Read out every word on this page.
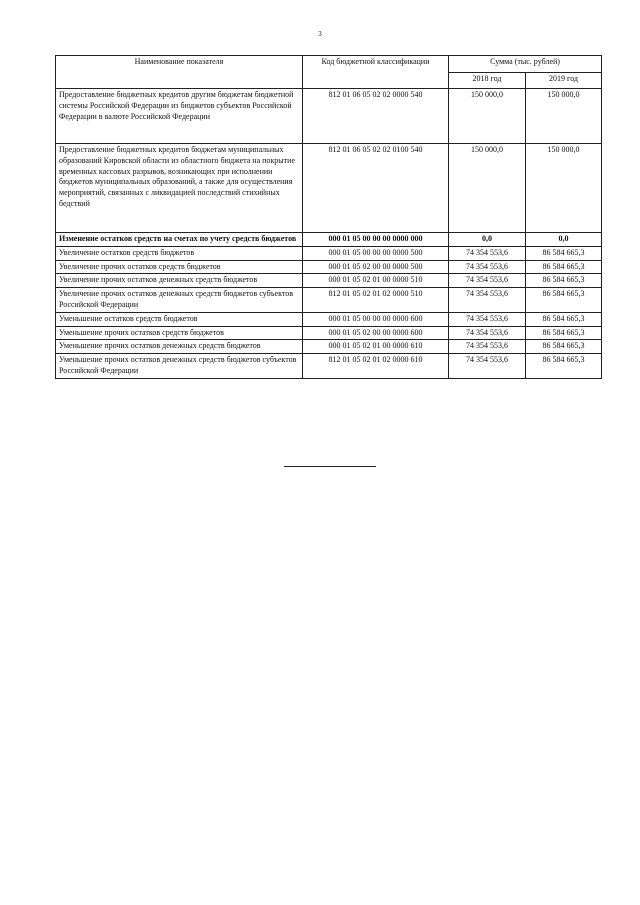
3
Наименование показателя	Код бюджетной классификации	Сумма (тыс. рублей)	
		2018 год	2019 год
Предоставление бюджетных кредитов другим бюджетам бюджетной системы Российской Федерации из бюджетов субъектов Российской Федерации в валюте Российской Федерации	812 01 06 05 02 02 0000 540	150 000,0	150 000,0
Предоставление бюджетных кредитов бюджетам муниципальных образований Кировской области из областного бюджета на покрытие временных кассовых разрывов, возникающих при исполнении бюджетов муниципальных образований, а также для осуществления мероприятий, связанных с ликвидацией последствий стихийных бедствий	812 01 06 05 02 02 0100 540	150 000,0	150 000,0
Изменение остатков средств на счетах по учету средств бюджетов	000 01 05 00 00 00 0000 000	0,0	0,0
Увеличение остатков средств бюджетов	000 01 05 00 00 00 0000 500	74 354 553,6	86 584 665,3
Увеличение прочих остатков средств бюджетов	000 01 05 02 00 00 0000 500	74 354 553,6	86 584 665,3
Увеличение прочих остатков денежных средств бюджетов	000 01 05 02 01 00 0000 510	74 354 553,6	86 584 665,3
Увеличение прочих остатков денежных средств бюджетов субъектов Российской Федерации	812 01 05 02 01 02 0000 510	74 354 553,6	86 584 665,3
Уменьшение остатков средств бюджетов	000 01 05 00 00 00 0000 600	74 354 553,6	86 584 665,3
Уменьшение прочих остатков средств бюджетов	000 01 05 02 00 00 0000 600	74 354 553,6	86 584 665,3
Уменьшение прочих остатков денежных средств бюджетов	000 01 05 02 01 00 0000 610	74 354 553,6	86 584 665,3
Уменьшение прочих остатков денежных средств бюджетов субъектов Российской Федерации	812 01 05 02 01 02 0000 610	74 354 553,6	86 584 665,3
